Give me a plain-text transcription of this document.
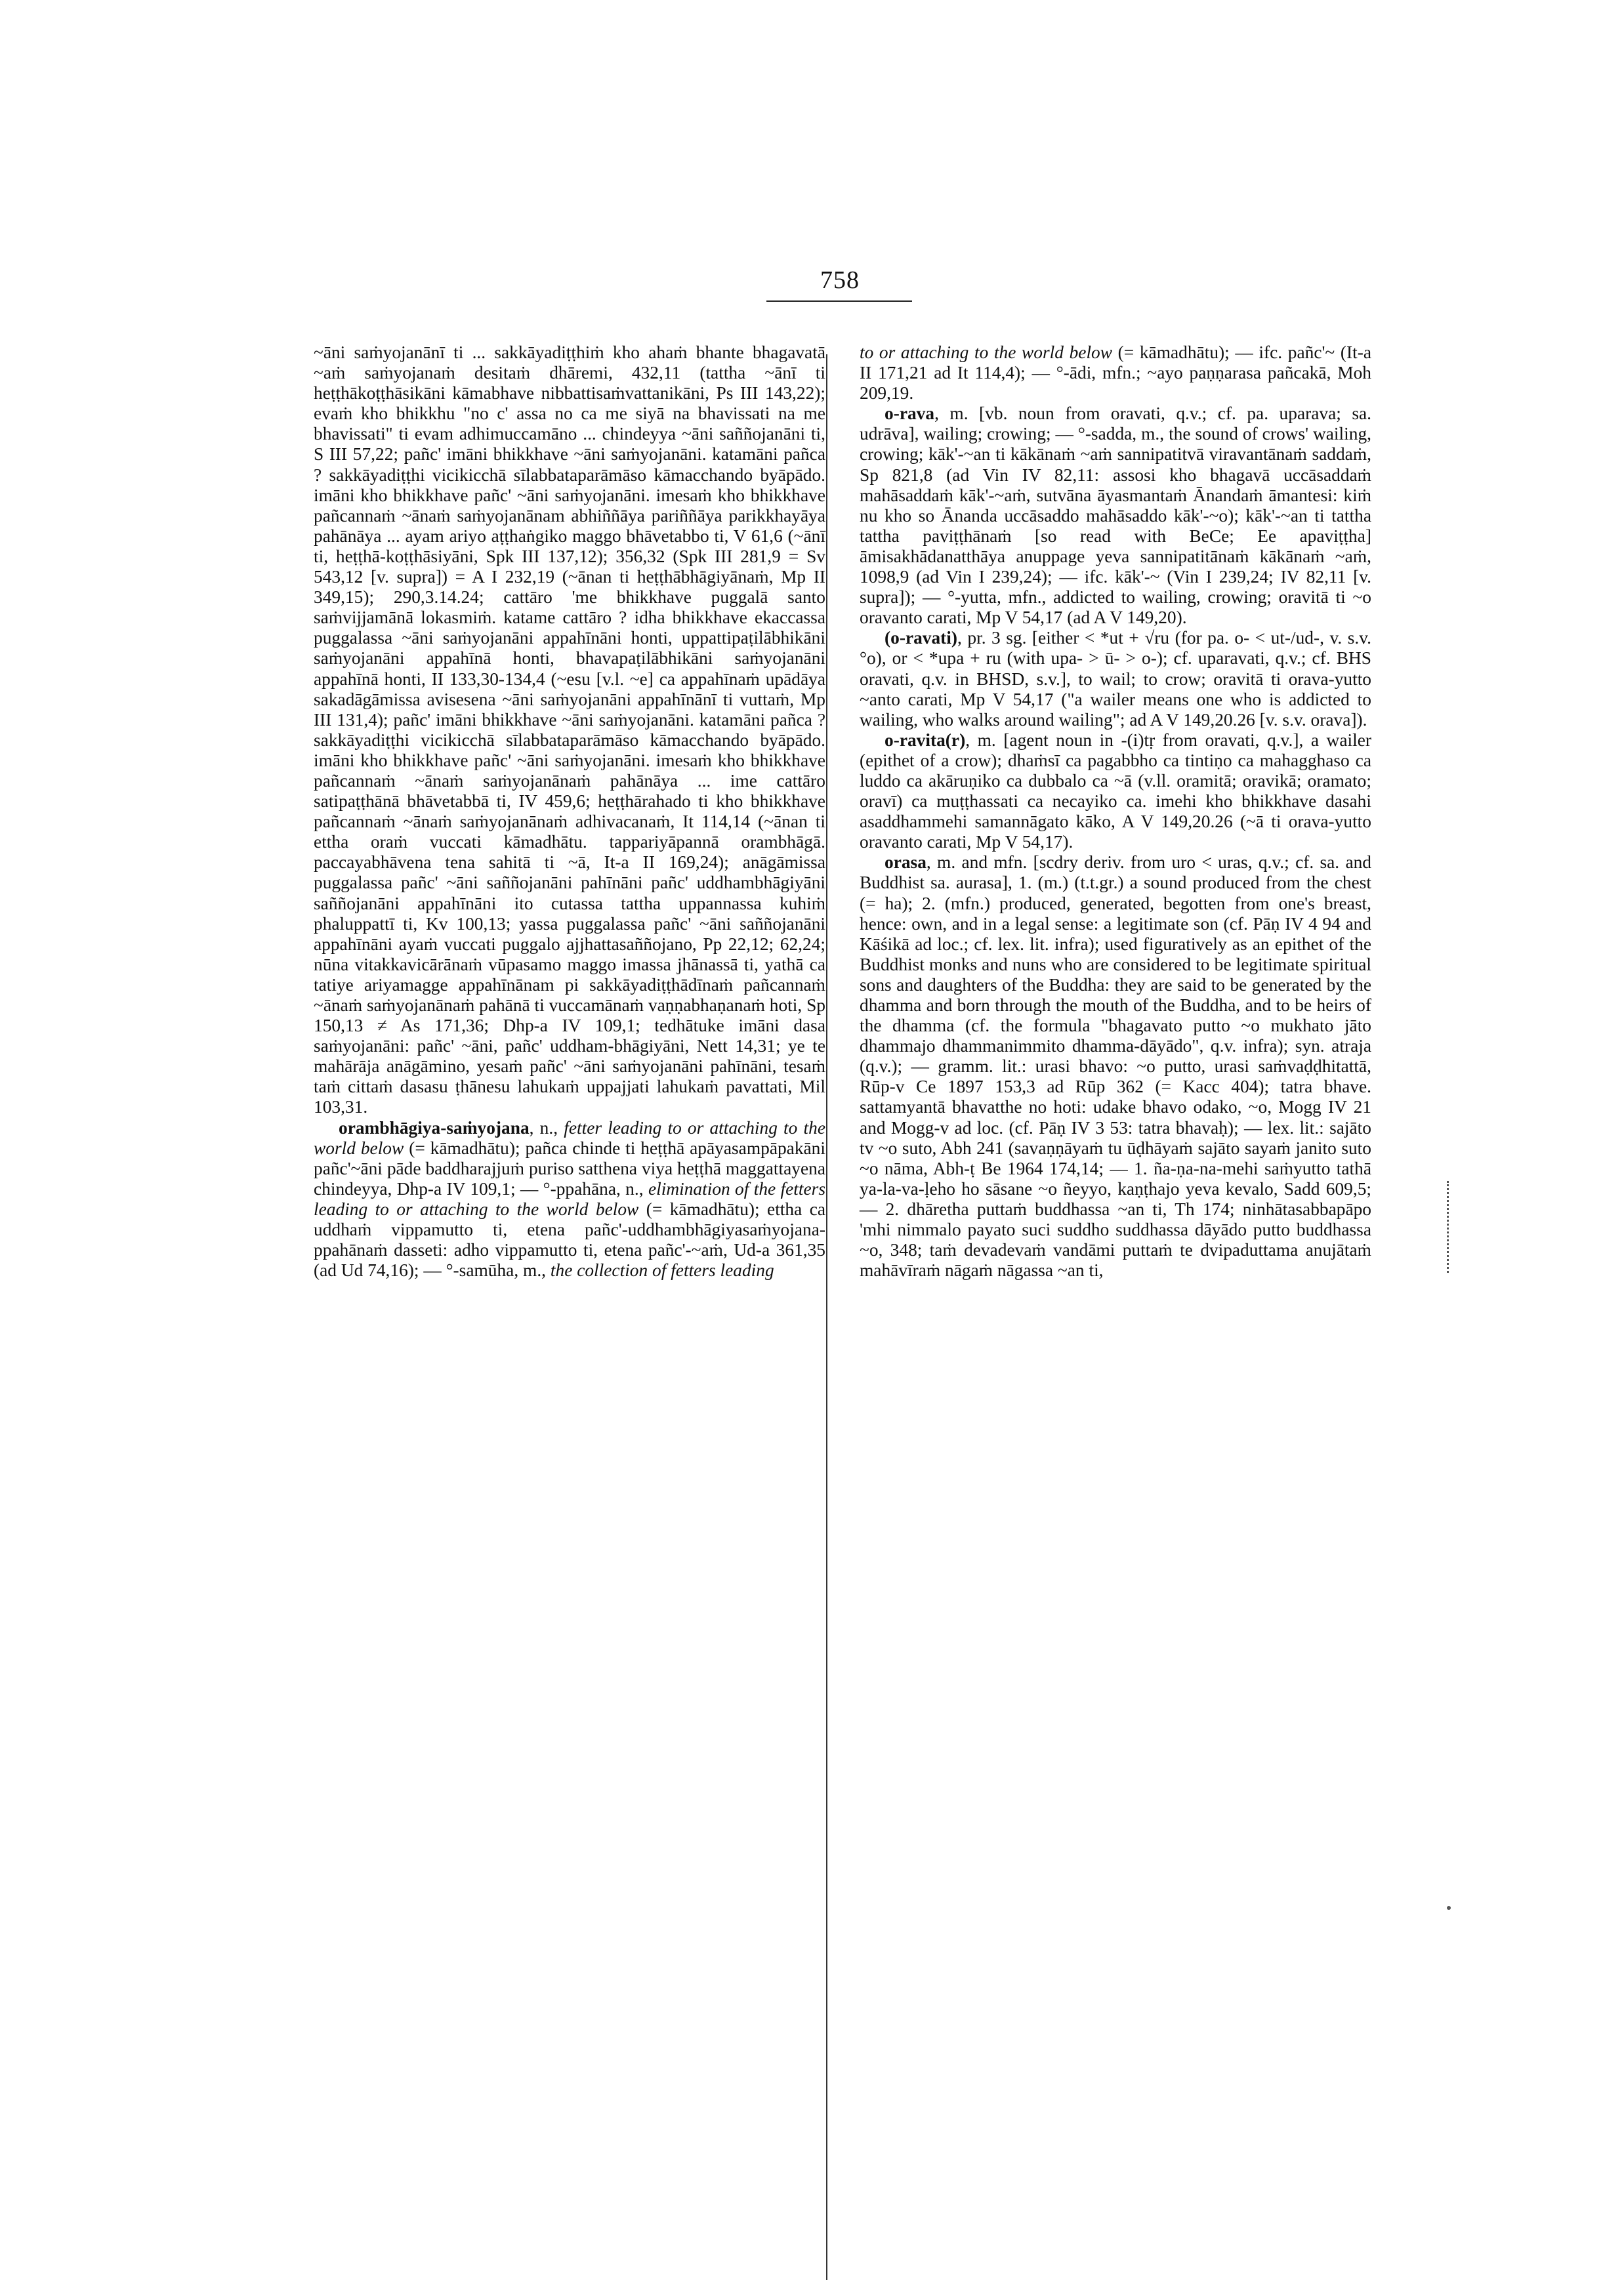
758

~āni saṁyojanānī ti ... sakkāyadiṭṭhiṁ kho ahaṁ bhante bhagavatā ~aṁ saṁyojanaṁ desitaṁ dhāremi, 432,11 (tattha ~ānī ti heṭṭhākoṭṭhāsikāni kāmabhave nibbattisaṁvattanikāni, Ps III 143,22); evaṁ kho bhikkhu "no c' assa no ca me siyā na bhavissati na me bhavissati" ti evam adhimuccamāno ... chindeyya ~āni saññojanāni ti, S III 57,22; pañc' imāni bhikkhave ~āni saṁyojanāni. katamāni pañca ? sakkāyadiṭṭhi vicikicchā sīlabbataparāmāso kāmacchando byāpādo. imāni kho bhikkhave pañc' ~āni saṁyojanāni. imesaṁ kho bhikkhave pañcannaṁ ~ānaṁ saṁyojanānam abhiññāya pariññāya parikkhayāya pahānāya ... ayam ariyo aṭṭhaṅgiko maggo bhāvetabbo ti, V 61,6 (~ānī ti, heṭṭhā-koṭṭhāsiyāni, Spk III 137,12); 356,32 (Spk III 281,9 = Sv 543,12 [v. supra]) = A I 232,19 (~ānan ti heṭṭhābhāgiyānaṁ, Mp II 349,15); 290,3.14.24; cattāro 'me bhikkhave puggalā santo saṁvijjamānā lokasmiṁ. katame cattāro ? idha bhikkhave ekaccassa puggalassa ~āni saṁyojanāni appahīnāni honti, uppattipaṭilābhikāni saṁyojanāni appahīnā honti, bhavapaṭilābhikāni saṁyojanāni appahīnā honti, II 133,30-134,4 (~esu [v.l. ~e] ca appahīnaṁ upādāya sakadāgāmissa avisesena ~āni saṁyojanāni appahīnānī ti vuttaṁ, Mp III 131,4); pañc' imāni bhikkhave ~āni saṁyojanāni. katamāni pañca ? sakkāyadiṭṭhi vicikicchā sīlabbataparāmāso kāmacchando byāpādo. imāni kho bhikkhave pañc' ~āni saṁyojanāni. imesaṁ kho bhikkhave pañcannaṁ ~ānaṁ saṁyojanānaṁ pahānāya ... ime cattāro satipaṭṭhānā bhāvetabbā ti, IV 459,6; heṭṭhārahado ti kho bhikkhave pañcannaṁ ~ānaṁ saṁyojanānaṁ adhivacanaṁ, It 114,14 (~ānan ti ettha oraṁ vuccati kāmadhātu. tappariyāpannā orambhāgā. paccayabhāvena tena sahitā ti ~ā, It-a II 169,24); anāgāmissa puggalassa pañc' ~āni saññojanāni pahīnāni pañc' uddhambhāgiyāni saññojanāni appahīnāni ito cutassa tattha uppannassa kuhiṁ phaluppattī ti, Kv 100,13; yassa puggalassa pañc' ~āni saññojanāni appahīnāni ayaṁ vuccati puggalo ajjhattasaññojano, Pp 22,12; 62,24; nūna vitakkavicārānaṁ vūpasamo maggo imassa jhānassā ti, yathā ca tatiye ariyamagge appahīnānam pi sakkāyadiṭṭhādīnaṁ pañcannaṁ ~ānaṁ saṁyojanānaṁ pahānā ti vuccamānaṁ vaṇṇabhaṇanaṁ hoti, Sp 150,13 ≠ As 171,36; Dhp-a IV 109,1; tedhātuke imāni dasa saṁyojanāni: pañc' ~āni, pañc' uddham-bhāgiyāni, Nett 14,31; ye te mahārāja anāgāmino, yesaṁ pañc' ~āni saṁyojanāni pahīnāni, tesaṁ taṁ cittaṁ dasasu ṭhānesu lahukaṁ uppajjati lahukaṁ pavattati, Mil 103,31.

orambhāgiya-saṁyojana, n., fetter leading to or attaching to the world below (= kāmadhātu); pañca chinde ti heṭṭhā apāyasampāpakāni pañc'~āni pāde baddharajjuṁ puriso satthena viya heṭṭhā maggattayena chindeyya, Dhp-a IV 109,1; — °-ppahāna, n., elimination of the fetters leading to or attaching to the world below (= kāmadhātu); ettha ca uddhaṁ vippamutto ti, etena pañc'-uddhambhāgiyasaṁyojana-ppahānaṁ dasseti: adho vippamutto ti, etena pañc'-~aṁ, Ud-a 361,35 (ad Ud 74,16); — °-samūha, m., the collection of fetters leading

to or attaching to the world below (= kāmadhātu); — ifc. pañc'~ (It-a II 171,21 ad It 114,4); — °-ādi, mfn.; ~ayo paṇṇarasa pañcakā, Moh 209,19.

o-rava, m. [vb. noun from oravati, q.v.; cf. pa. uparava; sa. udrāva], wailing; crowing; — °-sadda, m., the sound of crows' wailing, crowing; kāk'-~an ti kākānaṁ ~aṁ sannipatitvā viravantānaṁ saddaṁ, Sp 821,8 (ad Vin IV 82,11: assosi kho bhagavā uccāsaddaṁ mahāsaddaṁ kāk'-~aṁ, sutvāna āyasmantaṁ Ānandaṁ āmantesi: kiṁ nu kho so Ānanda uccāsaddo mahāsaddo kāk'-~o); kāk'-~an ti tattha tattha paviṭṭhānaṁ [so read with BeCe; Ee apaviṭṭha] āmisakhādanatthāya anuppage yeva sannipatitānaṁ kākānaṁ ~aṁ, 1098,9 (ad Vin I 239,24); — ifc. kāk'-~ (Vin I 239,24; IV 82,11 [v. supra]); — °-yutta, mfn., addicted to wailing, crowing; oravitā ti ~o oravanto carati, Mp V 54,17 (ad A V 149,20).

(o-ravati), pr. 3 sg. [either < *ut + √ru (for pa. o- < ut-/ud-, v. s.v. °o), or < *upa + ru (with upa- > ū- > o-); cf. uparavati, q.v.; cf. BHS oravati, q.v. in BHSD, s.v.], to wail; to crow; oravitā ti orava-yutto ~anto carati, Mp V 54,17 ("a wailer means one who is addicted to wailing, who walks around wailing"; ad A V 149,20.26 [v. s.v. orava]).

o-ravita(r), m. [agent noun in -(i)tṛ from oravati, q.v.], a wailer (epithet of a crow); dhaṁsī ca pagabbho ca tintiṇo ca mahagghaso ca luddo ca akāruṇiko ca dubbalo ca ~ā (v.ll. oramitā; oravikā; oramato; oravī) ca muṭṭhassati ca necayiko ca. imehi kho bhikkhave dasahi asaddhammehi samannāgato kāko, A V 149,20.26 (~ā ti orava-yutto oravanto carati, Mp V 54,17).

orasa, m. and mfn. [scdry deriv. from uro < uras, q.v.; cf. sa. and Buddhist sa. aurasa], 1. (m.) (t.t.gr.) a sound produced from the chest (= ha); 2. (mfn.) produced, generated, begotten from one's breast, hence: own, and in a legal sense: a legitimate son (cf. Pāṇ IV 4 94 and Kāśikā ad loc.; cf. lex. lit. infra); used figuratively as an epithet of the Buddhist monks and nuns who are considered to be legitimate spiritual sons and daughters of the Buddha: they are said to be generated by the dhamma and born through the mouth of the Buddha, and to be heirs of the dhamma (cf. the formula "bhagavato putto ~o mukhato jāto dhammajo dhammanimmito dhamma-dāyādo", q.v. infra); syn. atraja (q.v.); — gramm. lit.: urasi bhavo: ~o putto, urasi saṁvaḍḍhitattā, Rūp-v Ce 1897 153,3 ad Rūp 362 (= Kacc 404); tatra bhave. sattamyantā bhavatthe no hoti: udake bhavo odako, ~o, Mogg IV 21 and Mogg-v ad loc. (cf. Pāṇ IV 3 53: tatra bhavaḥ); — lex. lit.: sajāto tv ~o suto, Abh 241 (savaṇṇāyaṁ tu ūḍhāyaṁ sajāto sayaṁ janito suto ~o nāma, Abh-ṭ Be 1964 174,14; — 1. ña-ṇa-na-mehi saṁyutto tathā ya-la-va-ḷeho ho sāsane ~o ñeyyo, kaṇṭhajo yeva kevalo, Sadd 609,5; — 2. dhāretha puttaṁ buddhassa ~an ti, Th 174; ninhātasabbapāpo 'mhi nimmalo payato suci suddho suddhassa dāyādo putto buddhassa ~o, 348; taṁ devadevaṁ vandāmi puttaṁ te dvipaduttama anujātaṁ mahāvīraṁ nāgaṁ nāgassa ~an ti,
